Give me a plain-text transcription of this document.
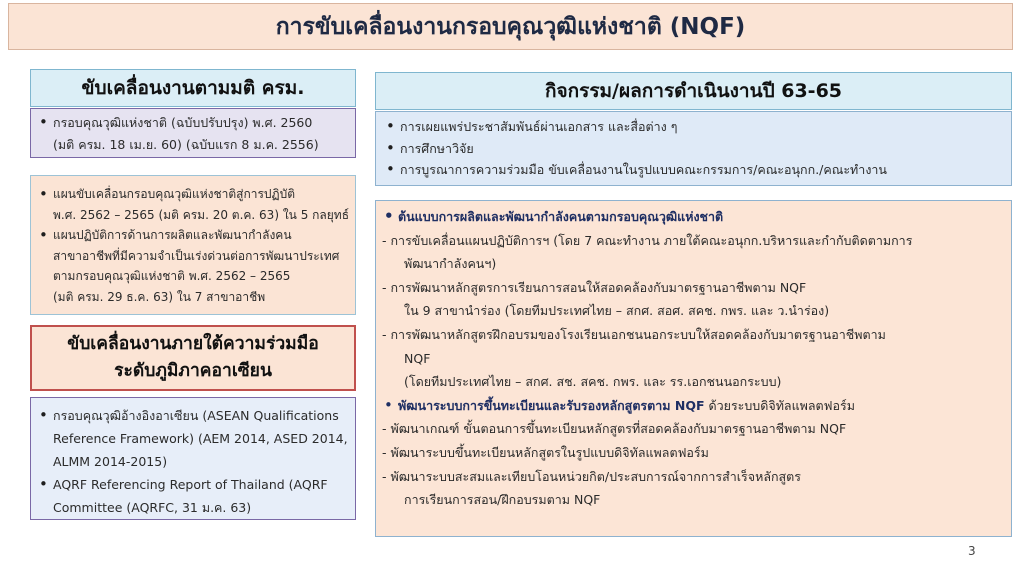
การขับเคลื่อนงานกรอบคุณวุฒิแห่งชาติ (NQF)
ขับเคลื่อนงานตามมติ ครม.
• กรอบคุณวุฒิแห่งชาติ (ฉบับปรับปรุง) พ.ศ. 2560
(มติ ครม. 18 เม.ย. 60) (ฉบับแรก 8 ม.ค. 2556)
• แผนขับเคลื่อนกรอบคุณวุฒิแห่งชาติสู่การปฏิบัติ
พ.ศ. 2562 – 2565 (มติ ครม. 20 ต.ค. 63) ใน 5 กลยุทธ์
• แผนปฏิบัติการด้านการผลิตและพัฒนากำลังคน
สาขาอาชีพที่มีความจำเป็นเร่งด่วนต่อการพัฒนาประเทศ
ตามกรอบคุณวุฒิแห่งชาติ พ.ศ. 2562 – 2565
(มติ ครม. 29 ธ.ค. 63) ใน 7 สาขาอาชีพ
ขับเคลื่อนงานภายใต้ความร่วมมือ
ระดับภูมิภาคอาเซียน
• กรอบคุณวุฒิอ้างอิงอาเซียน (ASEAN Qualifications
Reference Framework) (AEM 2014, ASED 2014,
ALMM 2014-2015)
• AQRF Referencing Report of Thailand (AQRF
Committee (AQRFC, 31 ม.ค. 63)
กิจกรรม/ผลการดำเนินงานปี 63-65
• การเผยแพร่ประชาสัมพันธ์ผ่านเอกสาร และสื่อต่าง ๆ
• การศึกษาวิจัย
• การบูรณาการความร่วมมือ ขับเคลื่อนงานในรูปแบบคณะกรรมการ/คณะอนุกก./คณะทำงาน
• ต้นแบบการผลิตและพัฒนากำลังคนตามกรอบคุณวุฒิแห่งชาติ
- การขับเคลื่อนแผนปฏิบัติการฯ (โดย 7 คณะทำงาน ภายใต้คณะอนุกก.บริหารและกำกับติดตามการ
พัฒนากำลังคนฯ)
- การพัฒนาหลักสูตรการเรียนการสอนให้สอดคล้องกับมาตรฐานอาชีพตาม NQF
ใน 9 สาขานำร่อง (โดยทีมประเทศไทย – สกศ. สอศ. สคช. กพร. และ ว.นำร่อง)
- การพัฒนาหลักสูตรฝึกอบรมของโรงเรียนเอกชนนอกระบบให้สอดคล้องกับมาตรฐานอาชีพตาม
NQF
(โดยทีมประเทศไทย – สกศ. สช. สคช. กพร. และ รร.เอกชนนอกระบบ)
• พัฒนาระบบการขึ้นทะเบียนและรับรองหลักสูตรตาม NQF ด้วยระบบดิจิทัลแพลตฟอร์ม
- พัฒนาเกณฑ์ ขั้นตอนการขึ้นทะเบียนหลักสูตรที่สอดคล้องกับมาตรฐานอาชีพตาม NQF
- พัฒนาระบบขึ้นทะเบียนหลักสูตรในรูปแบบดิจิทัลแพลตฟอร์ม
- พัฒนาระบบสะสมและเทียบโอนหน่วยกิต/ประสบการณ์จากการสำเร็จหลักสูตร
การเรียนการสอน/ฝึกอบรมตาม NQF
3
